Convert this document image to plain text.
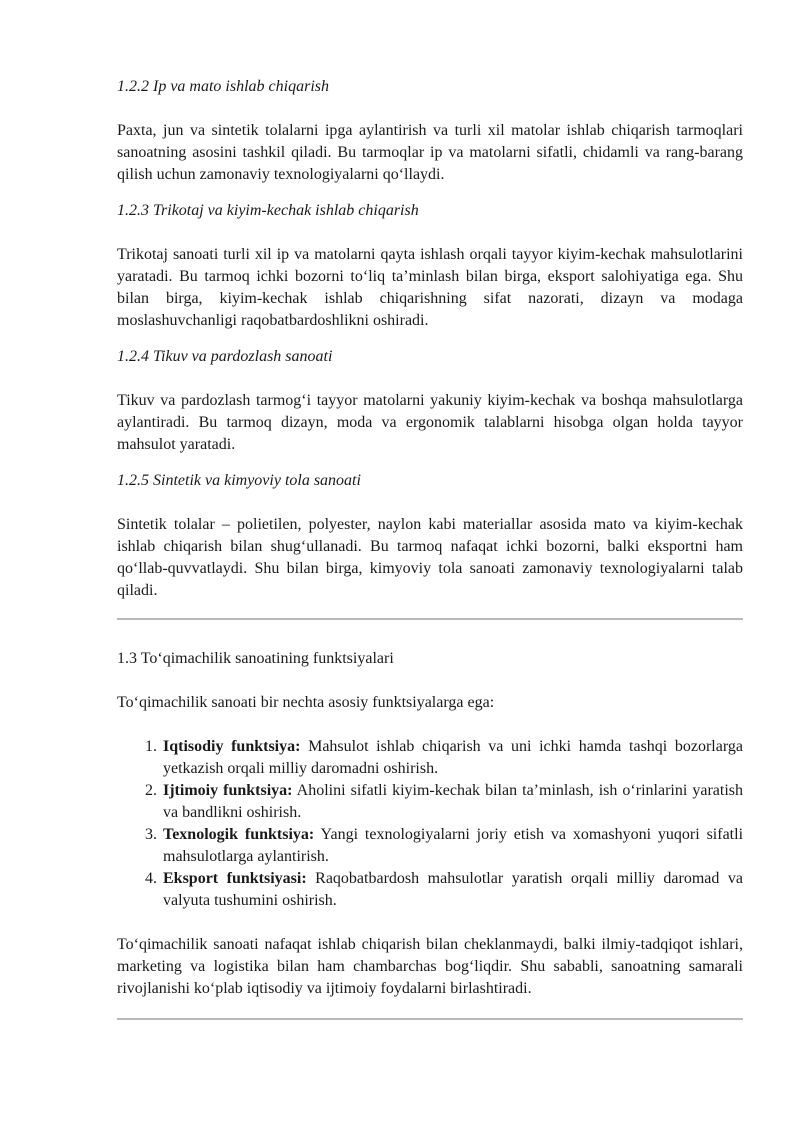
1.2.2 Ip va mato ishlab chiqarish

Paxta, jun va sintetik tolalarni ipga aylantirish va turli xil matolar ishlab chiqarish tarmoqlari sanoatning asosini tashkil qiladi. Bu tarmoqlar ip va matolarni sifatli, chidamli va rang-barang qilish uchun zamonaviy texnologiyalarni qo‘llaydi.

1.2.3 Trikotaj va kiyim-kechak ishlab chiqarish

Trikotaj sanoati turli xil ip va matolarni qayta ishlash orqali tayyor kiyim-kechak mahsulotlarini yaratadi. Bu tarmoq ichki bozorni to‘liq ta’minlash bilan birga, eksport salohiyatiga ega. Shu bilan birga, kiyim-kechak ishlab chiqarishning sifat nazorati, dizayn va modaga moslashuvchanligi raqobatbardoshlikni oshiradi.

1.2.4 Tikuv va pardozlash sanoati

Tikuv va pardozlash tarmog‘i tayyor matolarni yakuniy kiyim-kechak va boshqa mahsulotlarga aylantiradi. Bu tarmoq dizayn, moda va ergonomik talablarni hisobga olgan holda tayyor mahsulot yaratadi.

1.2.5 Sintetik va kimyoviy tola sanoati

Sintetik tolalar – polietilen, polyester, naylon kabi materiallar asosida mato va kiyim-kechak ishlab chiqarish bilan shug‘ullanadi. Bu tarmoq nafaqat ichki bozorni, balki eksportni ham qo‘llab-quvvatlaydi. Shu bilan birga, kimyoviy tola sanoati zamonaviy texnologiyalarni talab qiladi.

1.3 To‘qimachilik sanoatining funktsiyalari

To‘qimachilik sanoati bir nechta asosiy funktsiyalarga ega:

1. Iqtisodiy funktsiya: Mahsulot ishlab chiqarish va uni ichki hamda tashqi bozorlarga yetkazish orqali milliy daromadni oshirish.
2. Ijtimoiy funktsiya: Aholini sifatli kiyim-kechak bilan ta’minlash, ish o‘rinlarini yaratish va bandlikni oshirish.
3. Texnologik funktsiya: Yangi texnologiyalarni joriy etish va xomashyoni yuqori sifatli mahsulotlarga aylantirish.
4. Eksport funktsiyasi: Raqobatbardosh mahsulotlar yaratish orqali milliy daromad va valyuta tushumini oshirish.

To‘qimachilik sanoati nafaqat ishlab chiqarish bilan cheklanmaydi, balki ilmiy-tadqiqot ishlari, marketing va logistika bilan ham chambarchas bog‘liqdir. Shu sababli, sanoatning samarali rivojlanishi ko‘plab iqtisodiy va ijtimoiy foydalarni birlashtiradi.
